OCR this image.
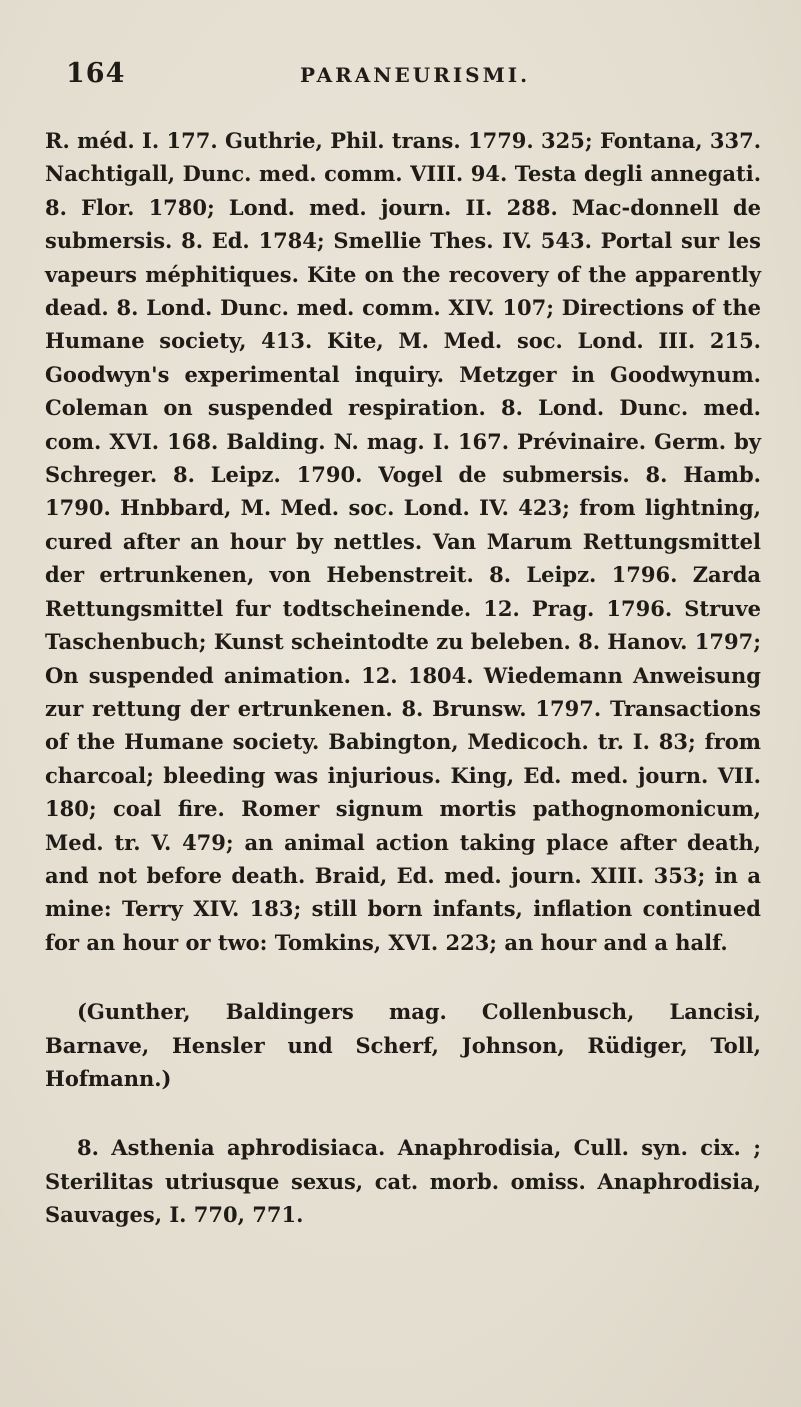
164	PARANEURISMI.

R. méd. I. 177. Guthrie, Phil. trans. 1779. 325; Fontana, 337. Nachtigall, Dunc. med. comm. VIII. 94. Testa degli annegati. 8. Flor. 1780; Lond. med. journ. II. 288. Mac-donnell de submersis. 8. Ed. 1784; Smellie Thes. IV. 543. Portal sur les vapeurs méphitiques. Kite on the recovery of the apparently dead. 8. Lond. Dunc. med. comm. XIV. 107; Directions of the Humane society, 413. Kite, M. Med. soc. Lond. III. 215. Goodwyn's experimental inquiry. Metzger in Goodwynum. Coleman on suspended respiration. 8. Lond. Dunc. med. com. XVI. 168. Balding. N. mag. I. 167. Prévinaire. Germ. by Schreger. 8. Leipz. 1790. Vogel de submersis. 8. Hamb. 1790. Hnbbard, M. Med. soc. Lond. IV. 423; from lightning, cured after an hour by nettles. Van Marum Rettungsmittel der ertrunkenen, von Hebenstreit. 8. Leipz. 1796. Zarda Rettungsmittel fur todtscheinende. 12. Prag. 1796. Struve Taschenbuch; Kunst scheintodte zu beleben. 8. Hanov. 1797; On suspended animation. 12. 1804. Wiedemann Anweisung zur rettung der ertrunkenen. 8. Brunsw. 1797. Transactions of the Humane society. Babington, Medicoch. tr. I. 83; from charcoal; bleeding was injurious. King, Ed. med. journ. VII. 180; coal fire. Romer signum mortis pathognomonicum, Med. tr. V. 479; an animal action taking place after death, and not before death. Braid, Ed. med. journ. XIII. 353; in a mine: Terry XIV. 183; still born infants, inflation continued for an hour or two: Tomkins, XVI. 223; an hour and a half.

(Gunther, Baldingers mag. Collenbusch, Lancisi, Barnave, Hensler und Scherf, Johnson, Rüdiger, Toll, Hofmann.)

8. Asthenia aphrodisiaca. Anaphrodisia, Cull. syn. cix. ; Sterilitas utriusque sexus, cat. morb. omiss. Anaphrodisia, Sauvages, I. 770, 771.
